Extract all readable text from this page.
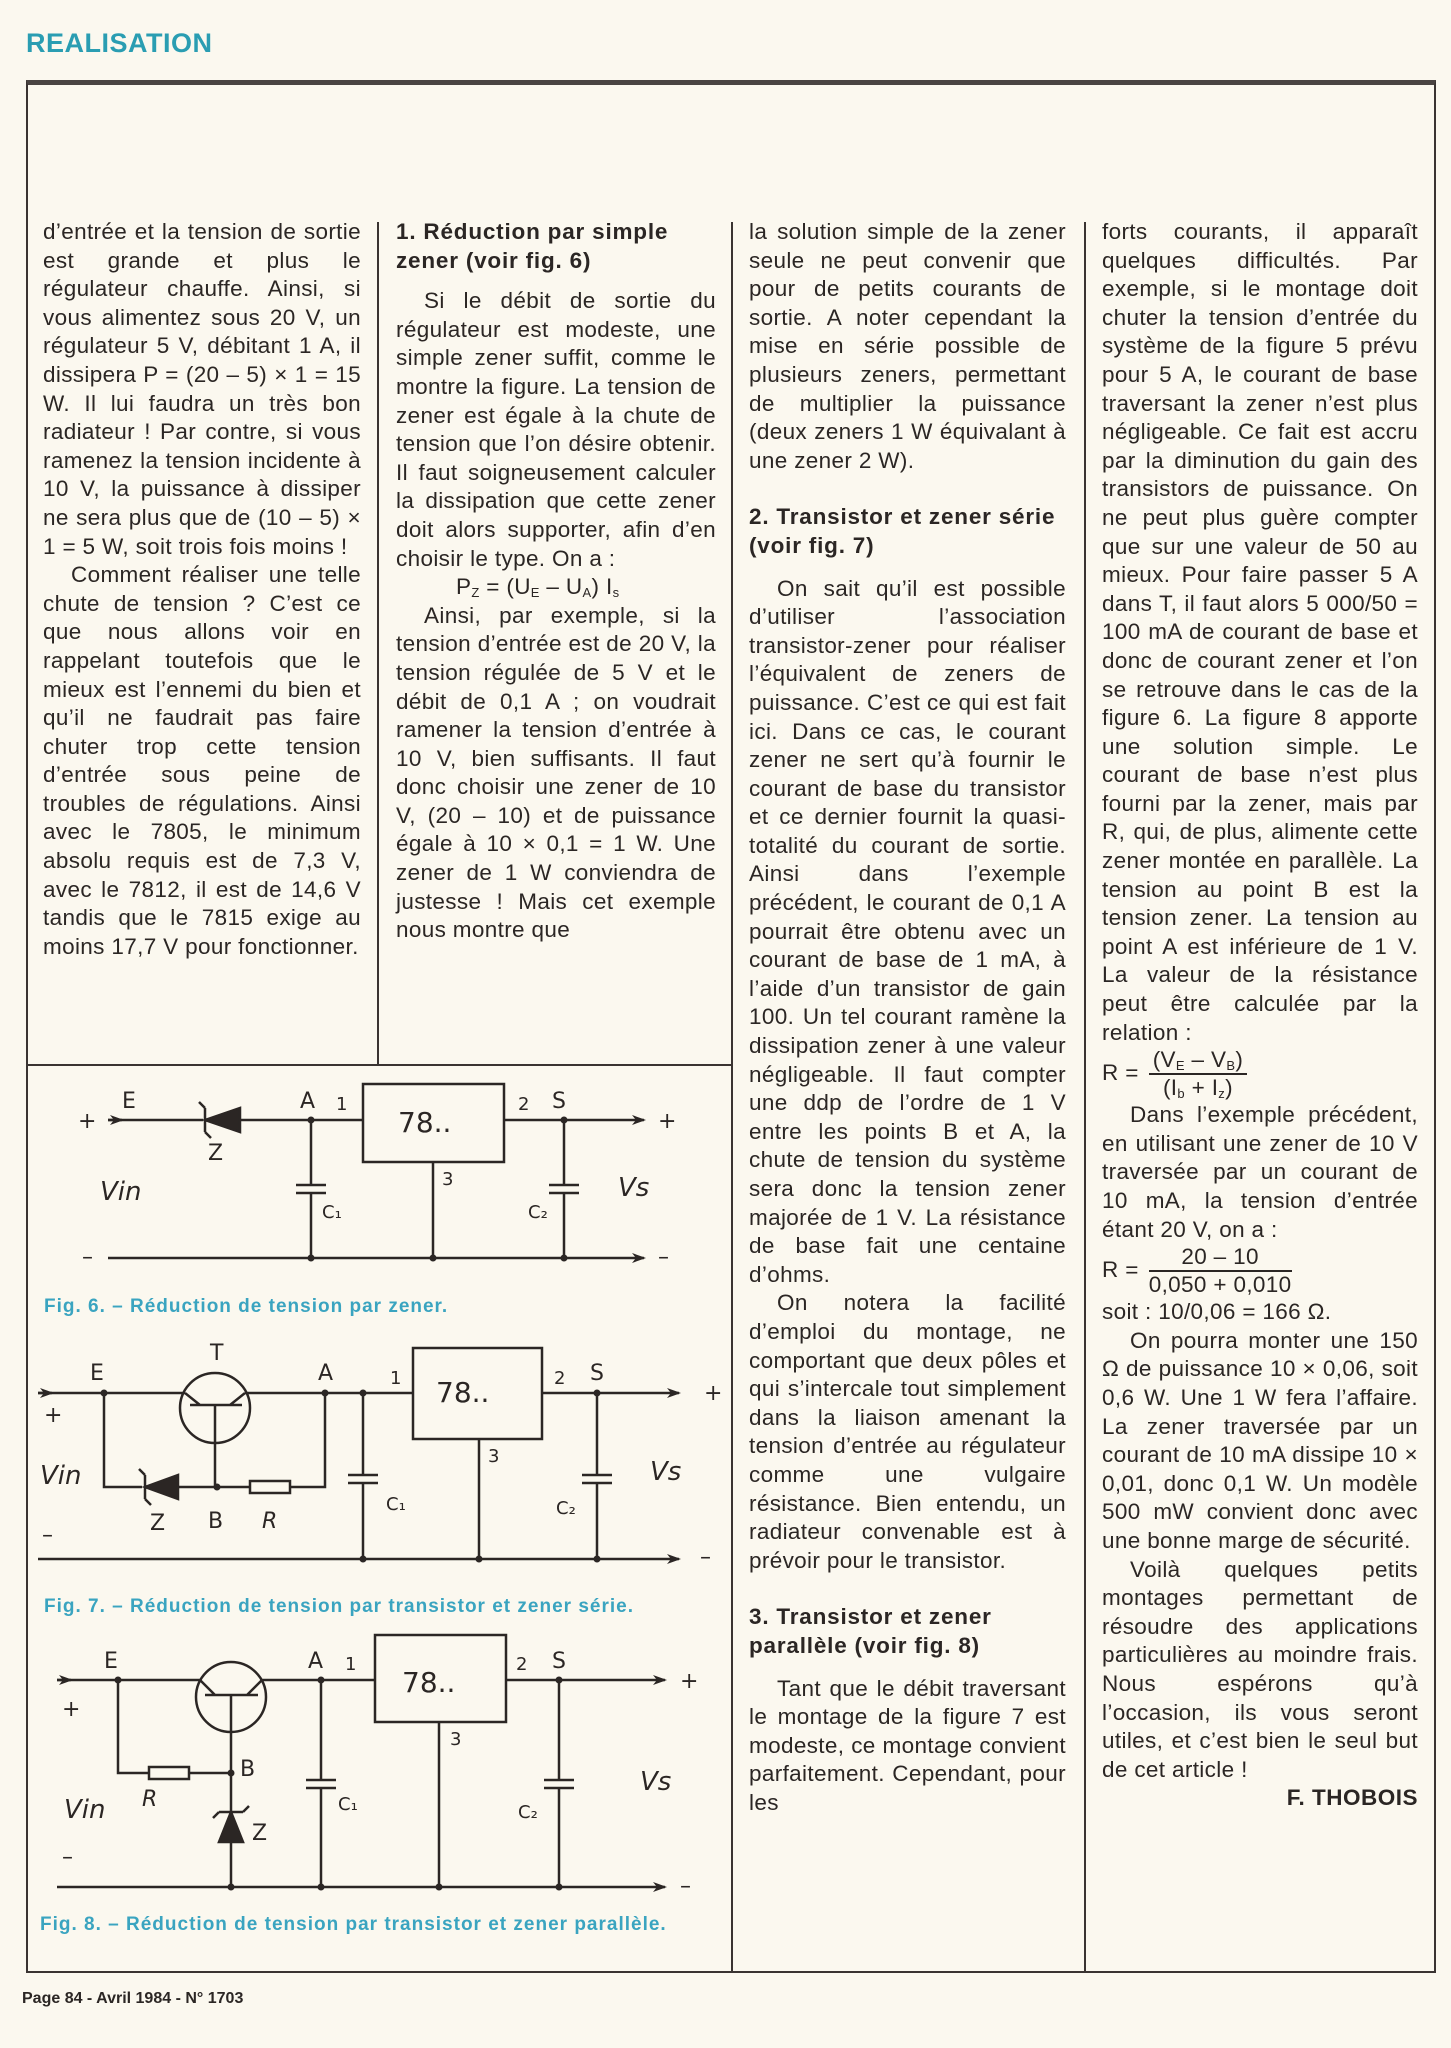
REALISATION

d’entrée et la tension de sortie est grande et plus le régulateur chauffe. Ainsi, si vous alimentez sous 20 V, un régulateur 5 V, débitant 1 A, il dissipera P = (20 – 5) × 1 = 15 W. Il lui faudra un très bon radiateur ! Par contre, si vous ramenez la tension incidente à 10 V, la puissance à dissiper ne sera plus que de (10 – 5) × 1 = 5 W, soit trois fois moins !

Comment réaliser une telle chute de tension ? C’est ce que nous allons voir en rappelant toutefois que le mieux est l’ennemi du bien et qu’il ne faudrait pas faire chuter trop cette tension d’entrée sous peine de troubles de régulations. Ainsi avec le 7805, le minimum absolu requis est de 7,3 V, avec le 7812, il est de 14,6 V tandis que le 7815 exige au moins 17,7 V pour fonctionner.

1. Réduction par simple zener (voir fig. 6)

Si le débit de sortie du régulateur est modeste, une simple zener suffit, comme le montre la figure. La tension de zener est égale à la chute de tension que l’on désire obtenir. Il faut soigneusement calculer la dissipation que cette zener doit alors supporter, afin d’en choisir le type. On a :

$P_Z = (U_E - U_A)$ $I_s$

Ainsi, par exemple, si la tension d’entrée est de 20 V, la tension régulée de 5 V et le débit de 0,1 A ; on voudrait ramener la tension d’entrée à 10 V, bien suffisants. Il faut donc choisir une zener de 10 V, (20 – 10) et de puissance égale à 10 × 0,1 = 1 W. Une zener de 1 W conviendra de justesse ! Mais cet exemple nous montre que

la solution simple de la zener seule ne peut convenir que pour de petits courants de sortie. A noter cependant la mise en série possible de plusieurs zeners, permettant de multiplier la puissance (deux zeners 1 W équivalant à une zener 2 W).

2. Transistor et zener série (voir fig. 7)

On sait qu’il est possible d’utiliser l’association transistor-zener pour réaliser l’équivalent de zeners de puissance. C’est ce qui est fait ici. Dans ce cas, le courant zener ne sert qu’à fournir le courant de base du transistor et ce dernier fournit la quasi-totalité du courant de sortie. Ainsi dans l’exemple précédent, le courant de 0,1 A pourrait être obtenu avec un courant de base de 1 mA, à l’aide d’un transistor de gain 100. Un tel courant ramène la dissipation zener à une valeur négligeable. Il faut compter une ddp de l’ordre de 1 V entre les points B et A, la chute de tension du système sera donc la tension zener majorée de 1 V. La résistance de base fait une centaine d’ohms.

On notera la facilité d’emploi du montage, ne comportant que deux pôles et qui s’intercale tout simplement dans la liaison amenant la tension d’entrée au régulateur comme une vulgaire résistance. Bien entendu, un radiateur convenable est à prévoir pour le transistor.

3. Transistor et zener parallèle (voir fig. 8)

Tant que le débit traversant le montage de la figure 7 est modeste, ce montage convient parfaitement. Cependant, pour les

forts courants, il apparaît quelques difficultés. Par exemple, si le montage doit chuter la tension d’entrée du système de la figure 5 prévu pour 5 A, le courant de base traversant la zener n’est plus négligeable. Ce fait est accru par la diminution du gain des transistors de puissance. On ne peut plus guère compter que sur une valeur de 50 au mieux. Pour faire passer 5 A dans T, il faut alors 5 000/50 = 100 mA de courant de base et donc de courant zener et l’on se retrouve dans le cas de la figure 6. La figure 8 apporte une solution simple. Le courant de base n’est plus fourni par la zener, mais par R, qui, de plus, alimente cette zener montée en parallèle. La tension au point B est la tension zener. La tension au point A est inférieure de 1 V. La valeur de la résistance peut être calculée par la relation :

$R = \frac{(V_E - V_B)}{(I_b + I_z)}$

Dans l’exemple précédent, en utilisant une zener de 10 V traversée par un courant de 10 mA, la tension d’entrée étant 20 V, on a :

$R = \frac{20 - 10}{0,050 + 0,010}$

soit : 10/0,06 = 166 Ω.

On pourra monter une 150 Ω de puissance 10 × 0,06, soit 0,6 W. Une 1 W fera l’affaire. La zener traversée par un courant de 10 mA dissipe 10 × 0,01, donc 0,1 W. Un modèle 500 mW convient donc avec une bonne marge de sécurité.

Voilà quelques petits montages permettant de résoudre des applications particulières au moindre frais. Nous espérons qu’à l’occasion, ils vous seront utiles, et c’est bien le seul but de cet article !

F. THOBOIS

+
E
Z
A 1
78..
2 S
+
Vin
C₁
3
C₂
Vs
–	–
Fig. 6. – Réduction de tension par zener.
E
T
A	1 78..	2 S
+
+
Vin
Z B R
C₁
3
C₂
Vs
–
–
Fig. 7. – Réduction de tension par transistor et zener série.
E	A 1
78..
2 S
+
+
B
R
Vin
Z
C₁
3
C₂
Vs
–
–
Fig. 8. – Réduction de tension par transistor et zener parallèle.
Page 84 - Avril 1984 - N° 1703
